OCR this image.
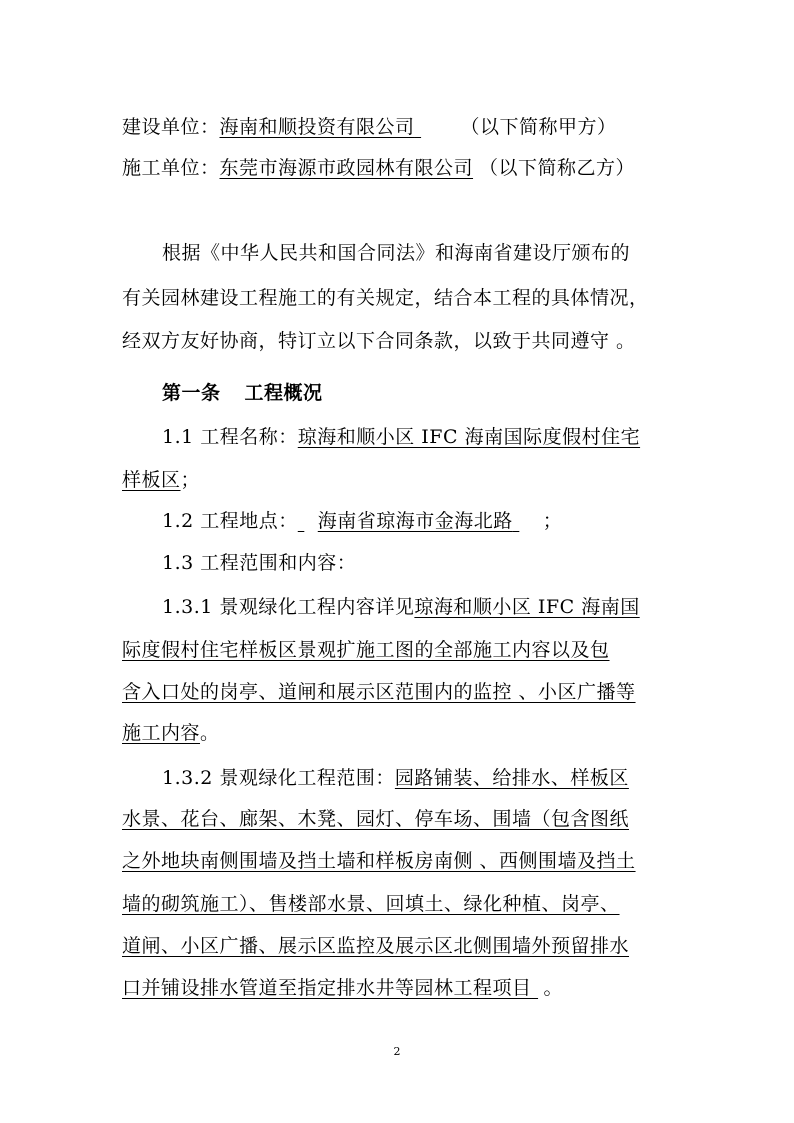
建设单位：海南和顺投资有限公司 （以下简称甲方）
施工单位：东莞市海源市政园林有限公司 （以下简称乙方）
根据《中华人民共和国合同法》和海南省建设厅颁布的
有关园林建设工程施工的有关规定，结合本工程的具体情况，
经双方友好协商，特订立以下合同条款，以致于共同遵守 。
第一条 工程概况
1.1 工程名称：琼海和顺小区 IFC 海南国际度假村住宅
样板区；
1.2 工程地点： 海南省琼海市金海北路 ；
1.3 工程范围和内容：
1.3.1 景观绿化工程内容详见琼海和顺小区 IFC 海南国
际度假村住宅样板区景观扩施工图的全部施工内容以及包
含入口处的岗亭、道闸和展示区范围内的监控 、小区广播等
施工内容。
1.3.2 景观绿化工程范围：园路铺装、给排水、样板区
水景、花台、廊架、木凳、园灯、停车场、围墙（包含图纸
之外地块南侧围墙及挡土墙和样板房南侧 、西侧围墙及挡土
墙的砌筑施工）、售楼部水景、回填土、绿化种植、岗亭、
道闸、小区广播、展示区监控及展示区北侧围墙外预留排水
口并铺设排水管道至指定排水井等园林工程项目 。
2
